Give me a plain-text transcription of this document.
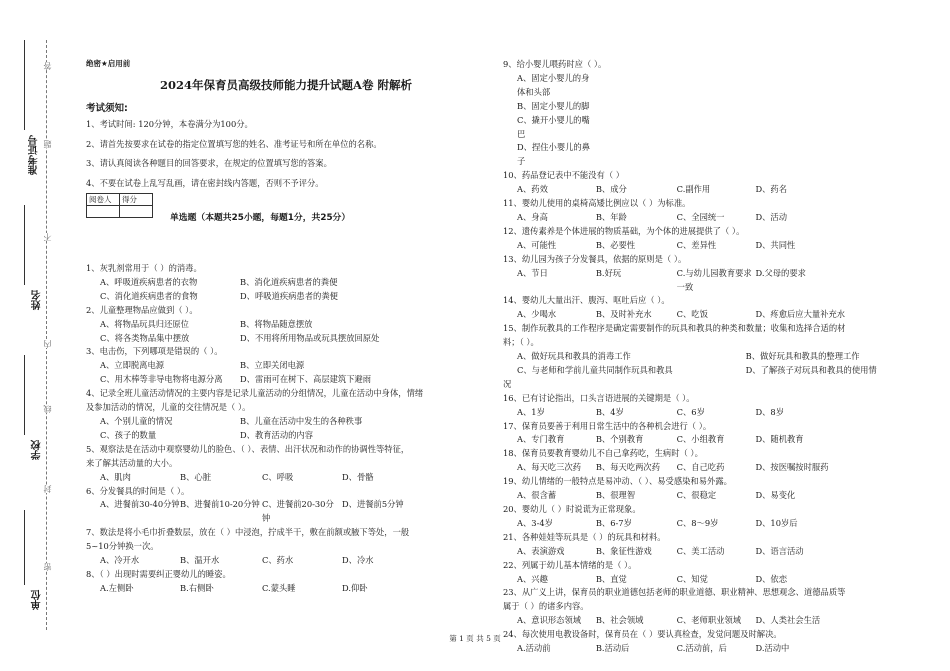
准考证号
姓名
学校
单位
答
题
不
内
线
封
密
绝密★启用前
2024年保育员高级技师能力提升试题A卷 附解析
考试须知:
1、考试时间: 120分钟，本卷满分为100分。
2、请首先按要求在试卷的指定位置填写您的姓名、准考证号和所在单位的名称。
3、请认真阅读各种题目的回答要求，在规定的位置填写您的答案。
4、不要在试卷上乱写乱画，请在密封线内答题，否则不予评分。
阅卷人	得分

单选题（本题共25小题，每题1分，共25分）
1、灰乳剂常用于（ ）的消毒。
A、呼吸道疾病患者的衣物	B、消化道疾病患者的粪便
C、消化道疾病患者的食物	D、呼吸道疾病患者的粪便
2、儿童整理物品应做到（ ）。
A、将物品玩具归还原位	B、将物品随意摆放
C、将各类物品集中摆放	D、不用将所用物品或玩具摆放回原处
3、电击伤，下列哪项是错误的（ ）。
A、立即脱离电源	B、立即关闭电源
C、用木棒等非导电物将电源分离	D、雷雨可在树下、高层建筑下避雨
4、记录全班儿童活动情况的主要内容是记录儿童活动的分组情况，儿童在活动中身体，情绪
及参加活动的情况，儿童的交往情况是（ ）。
A、个别儿童的情况	B、儿童在活动中发生的各种秩事
C、孩子的数量	D、教育活动的内容
5、观察法是在活动中观察婴幼儿的脸色、（ ）、表情、出汗状况和动作的协调性等特征，
来了解其活动量的大小。
A、肌肉	B、心脏	C、呼吸	D、骨骼
6、分发餐具的时间是（ ）。
A、进餐前30-40分钟 B、进餐前10-20分钟 C、进餐前20-30分钟
D、进餐前5分钟
7、数法是将小毛巾折叠数层，放在（ ）中浸泡，拧成半干，敷在前额或腋下等处，一般
5~10分钟换一次。
A、冷开水	B、温开水	C、药水	D、冷水
8、（ ）出现时需要纠正婴幼儿的睡姿。
A.左侧卧	B.右侧卧	C.蒙头睡	D.仰卧
9、给小婴儿喂药时应（ ）。
A、固定小婴儿的身体和头部
B、固定小婴儿的脚
C、撬开小婴儿的嘴巴
D、捏住小婴儿的鼻子
10、药品登记表中不能没有（ ）
A、药效	B、成分	C.副作用	D、药名
11、婴幼儿使用的桌椅高矮比例应以（ ）为标准。
A、身高	B、年龄	C、全园统一	D、活动
12、遗传素养是个体进展的物质基础，为个体的进展提供了（ ）。
A、可能性	B、必要性	C、差异性	D、共同性
13、幼儿园为孩子分发餐具，依据的原则是（ ）。
A、节日	B.好玩	C.与幼儿园教育要求一致
D.父母的要求
14、婴幼儿大量出汗、腹泻、呕吐后应（ ）。
A、少喝水	B、及时补充水	C、吃饭	D、疼愈后应大量补充水
15、制作玩教具的工作程序是确定需要制作的玩具和教具的种类和数量；收集和选择合适的材
料；（ ）。
A、做好玩具和教具的消毒工作	B、做好玩具和教具的整理工作
C、与老师和学前儿童共同制作玩具和教具	D、了解孩子对玩具和教具的使用情
况
16、已有讨论指出，口头言语进展的关键期是（ ）。
A、1岁	B、4岁	C、6岁	D、8岁
17、保育员要善于利用日常生活中的各种机会进行（ ）。
A、专门教育	B、个别教育	C、小组教育	D、随机教育
18、保育员要教育婴幼儿不自己拿药吃，生病时（ ）。
A、每天吃三次药	B、每天吃两次药	C、自己吃药	D、按医嘱按时服药
19、幼儿情绪的一般特点是易冲动、（ ）、易受感染和易外露。
A、很含蓄	B、很理智	C、很稳定	D、易变化
20、婴幼儿（ ）时说谎为正常现象。
A、3-4岁	B、6-7岁	C、8～9岁	D、10岁后
21、各种娃娃等玩具是（ ）的玩具和材料。
A、表演游戏	B、象征性游戏	C、美工活动	D、语言活动
22、列属于幼儿基本情绪的是（ ）。
A、兴趣	B、直觉	C、知觉	D、依恋
23、从广义上讲，保育员的职业道德包括老师的职业道德、职业精神、思想观念、道德品质等
属于（ ）的诸多内容。
A、意识形态领域	B、社会领域	C、老师职业领域	D、人类社会生活
24、每次使用电教设备时，保育员在（ ）要认真检查，发觉问题及时解决。
A.活动前	B.活动后	C.活动前，后	D.活动中
第 1 页 共 5 页
